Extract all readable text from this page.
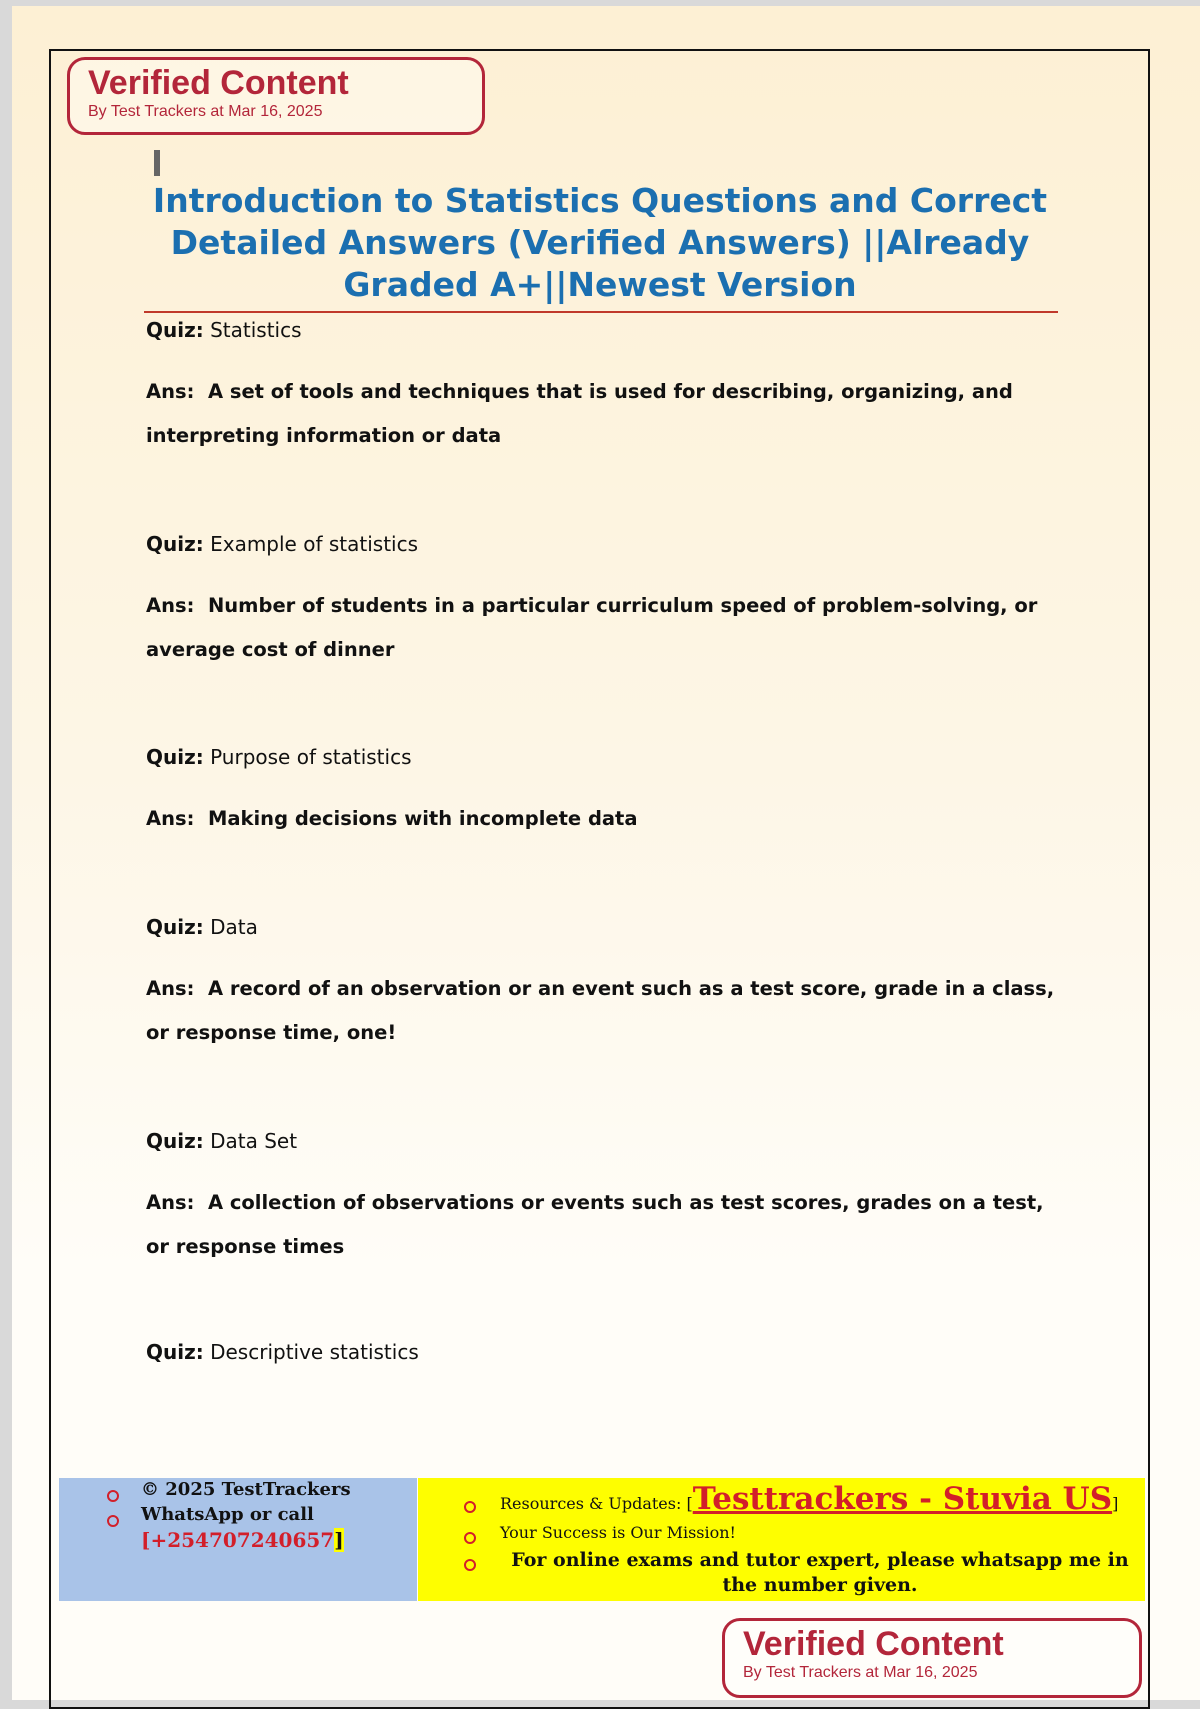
Verified Content
By Test Trackers at Mar 16, 2025
Introduction to Statistics Questions and Correct Detailed Answers (Verified Answers) ||Already Graded A+||Newest Version

Quiz: Statistics

Ans: A set of tools and techniques that is used for describing, organizing, and interpreting information or data

Quiz: Example of statistics

Ans: Number of students in a particular curriculum speed of problem-solving, or average cost of dinner

Quiz: Purpose of statistics

Ans: Making decisions with incomplete data

Quiz: Data

Ans: A record of an observation or an event such as a test score, grade in a class, or response time, one!

Quiz: Data Set

Ans: A collection of observations or events such as test scores, grades on a test, or response times

Quiz: Descriptive statistics

© 2025 TestTrackers
WhatsApp or call
[+254707240657]
Resources & Updates: [Testtrackers - Stuvia US]
Your Success is Our Mission!
For online exams and tutor expert, please whatsapp me in the number given.
Verified Content
By Test Trackers at Mar 16, 2025
